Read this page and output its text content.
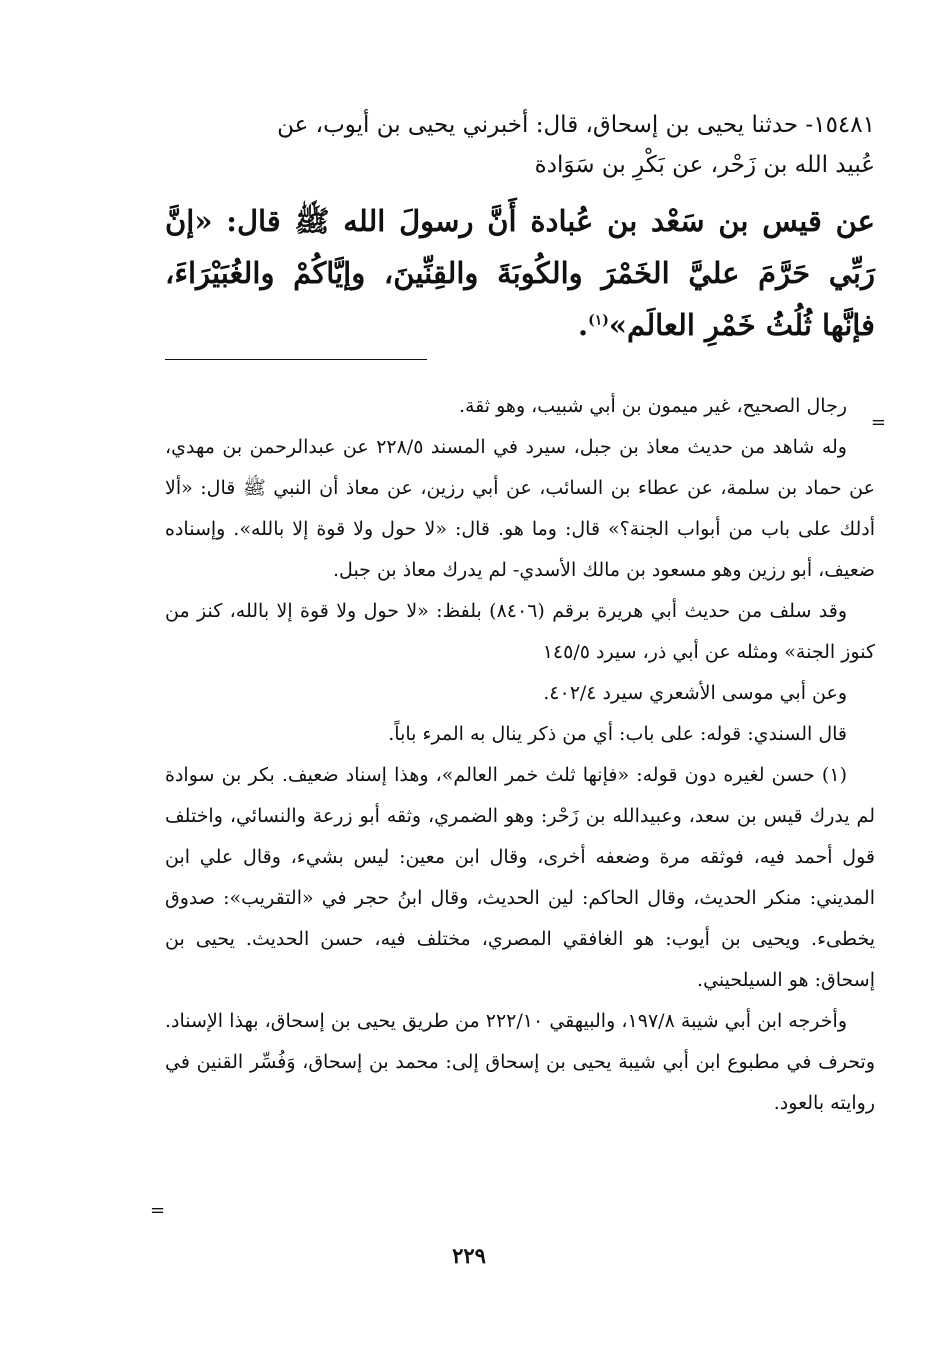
١٥٤٨١- حدثنا يحيى بن إسحاق، قال: أخبرني يحيى بن أيوب، عن
عُبيد الله بن زَحْر، عن بَكْرِ بن سَوَادة

عن قيس بن سَعْد بن عُبادة أَنَّ رسولَ الله ﷺ قال: «إنَّ رَبِّي حَرَّمَ عليَّ الخَمْرَ والكُوبَةَ والقِنِّينَ، وإيَّاكُمْ والغُبَيْرَاءَ، فإنَّها ثُلُثُ خَمْرِ العالَم»$^{(١)}$.

رجال الصحيح، غير ميمون بن أبي شبيب، وهو ثقة.

وله شاهد من حديث معاذ بن جبل، سيرد في المسند ٢٢٨/٥ عن عبدالرحمن بن مهدي، عن حماد بن سلمة، عن عطاء بن السائب، عن أبي رزين، عن معاذ أن النبي ﷺ قال: «ألا أدلك على باب من أبواب الجنة؟» قال: وما هو. قال: «لا حول ولا قوة إلا بالله». وإسناده ضعيف، أبو رزين وهو مسعود بن مالك الأسدي- لم يدرك معاذ بن جبل.

وقد سلف من حديث أبي هريرة برقم (٨٤٠٦) بلفظ: «لا حول ولا قوة إلا بالله، كنز من كنوز الجنة» ومثله عن أبي ذر، سيرد ١٤٥/٥

وعن أبي موسى الأشعري سيرد ٤٠٢/٤.

قال السندي: قوله: على باب: أي من ذكر ينال به المرء باباً.

(١) حسن لغيره دون قوله: «فإنها ثلث خمر العالم»، وهذا إسناد ضعيف. بكر بن سوادة لم يدرك قيس بن سعد، وعبيدالله بن زَحْر: وهو الضمري، وثقه أبو زرعة والنسائي، واختلف قول أحمد فيه، فوثقه مرة وضعفه أخرى، وقال ابن معين: ليس بشيء، وقال علي ابن المديني: منكر الحديث، وقال الحاكم: لين الحديث، وقال ابنُ حجر في «التقريب»: صدوق يخطىء. ويحيى بن أيوب: هو الغافقي المصري، مختلف فيه، حسن الحديث. يحيى بن إسحاق: هو السيلحيني.

وأخرجه ابن أبي شيبة ١٩٧/٨، والبيهقي ٢٢٢/١٠ من طريق يحيى بن إسحاق، بهذا الإسناد. وتحرف في مطبوع ابن أبي شيبة يحيى بن إسحاق إلى: محمد بن إسحاق، وَفُسِّر القنين في روايته بالعود.

=
=
٢٢٩
